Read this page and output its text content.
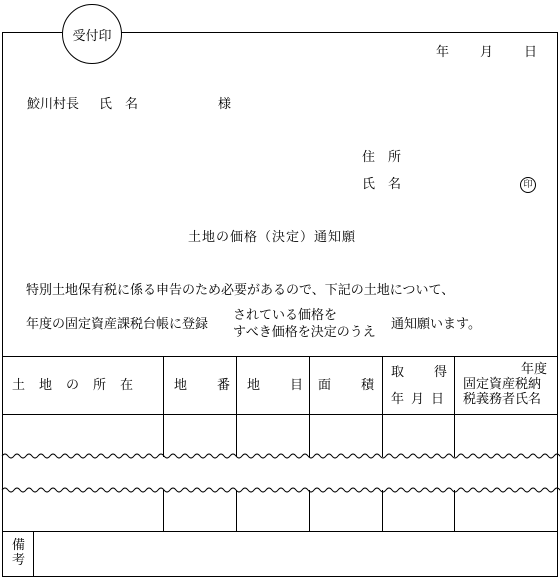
受付印
年 月 日
鮫川村長 氏　名	様
住　所
氏　名	印
土地の価格（決定）通知願
特別土地保有税に係る申告のため必要があるので、下記の土地について、
年度の固定資産課税台帳に登録
されている価格を
すべき価格を決定のうえ
通知願います。
土地の所在 地番
地目
面積
取得
年月日
年度
固定資産税納
税義務者氏名
備考
